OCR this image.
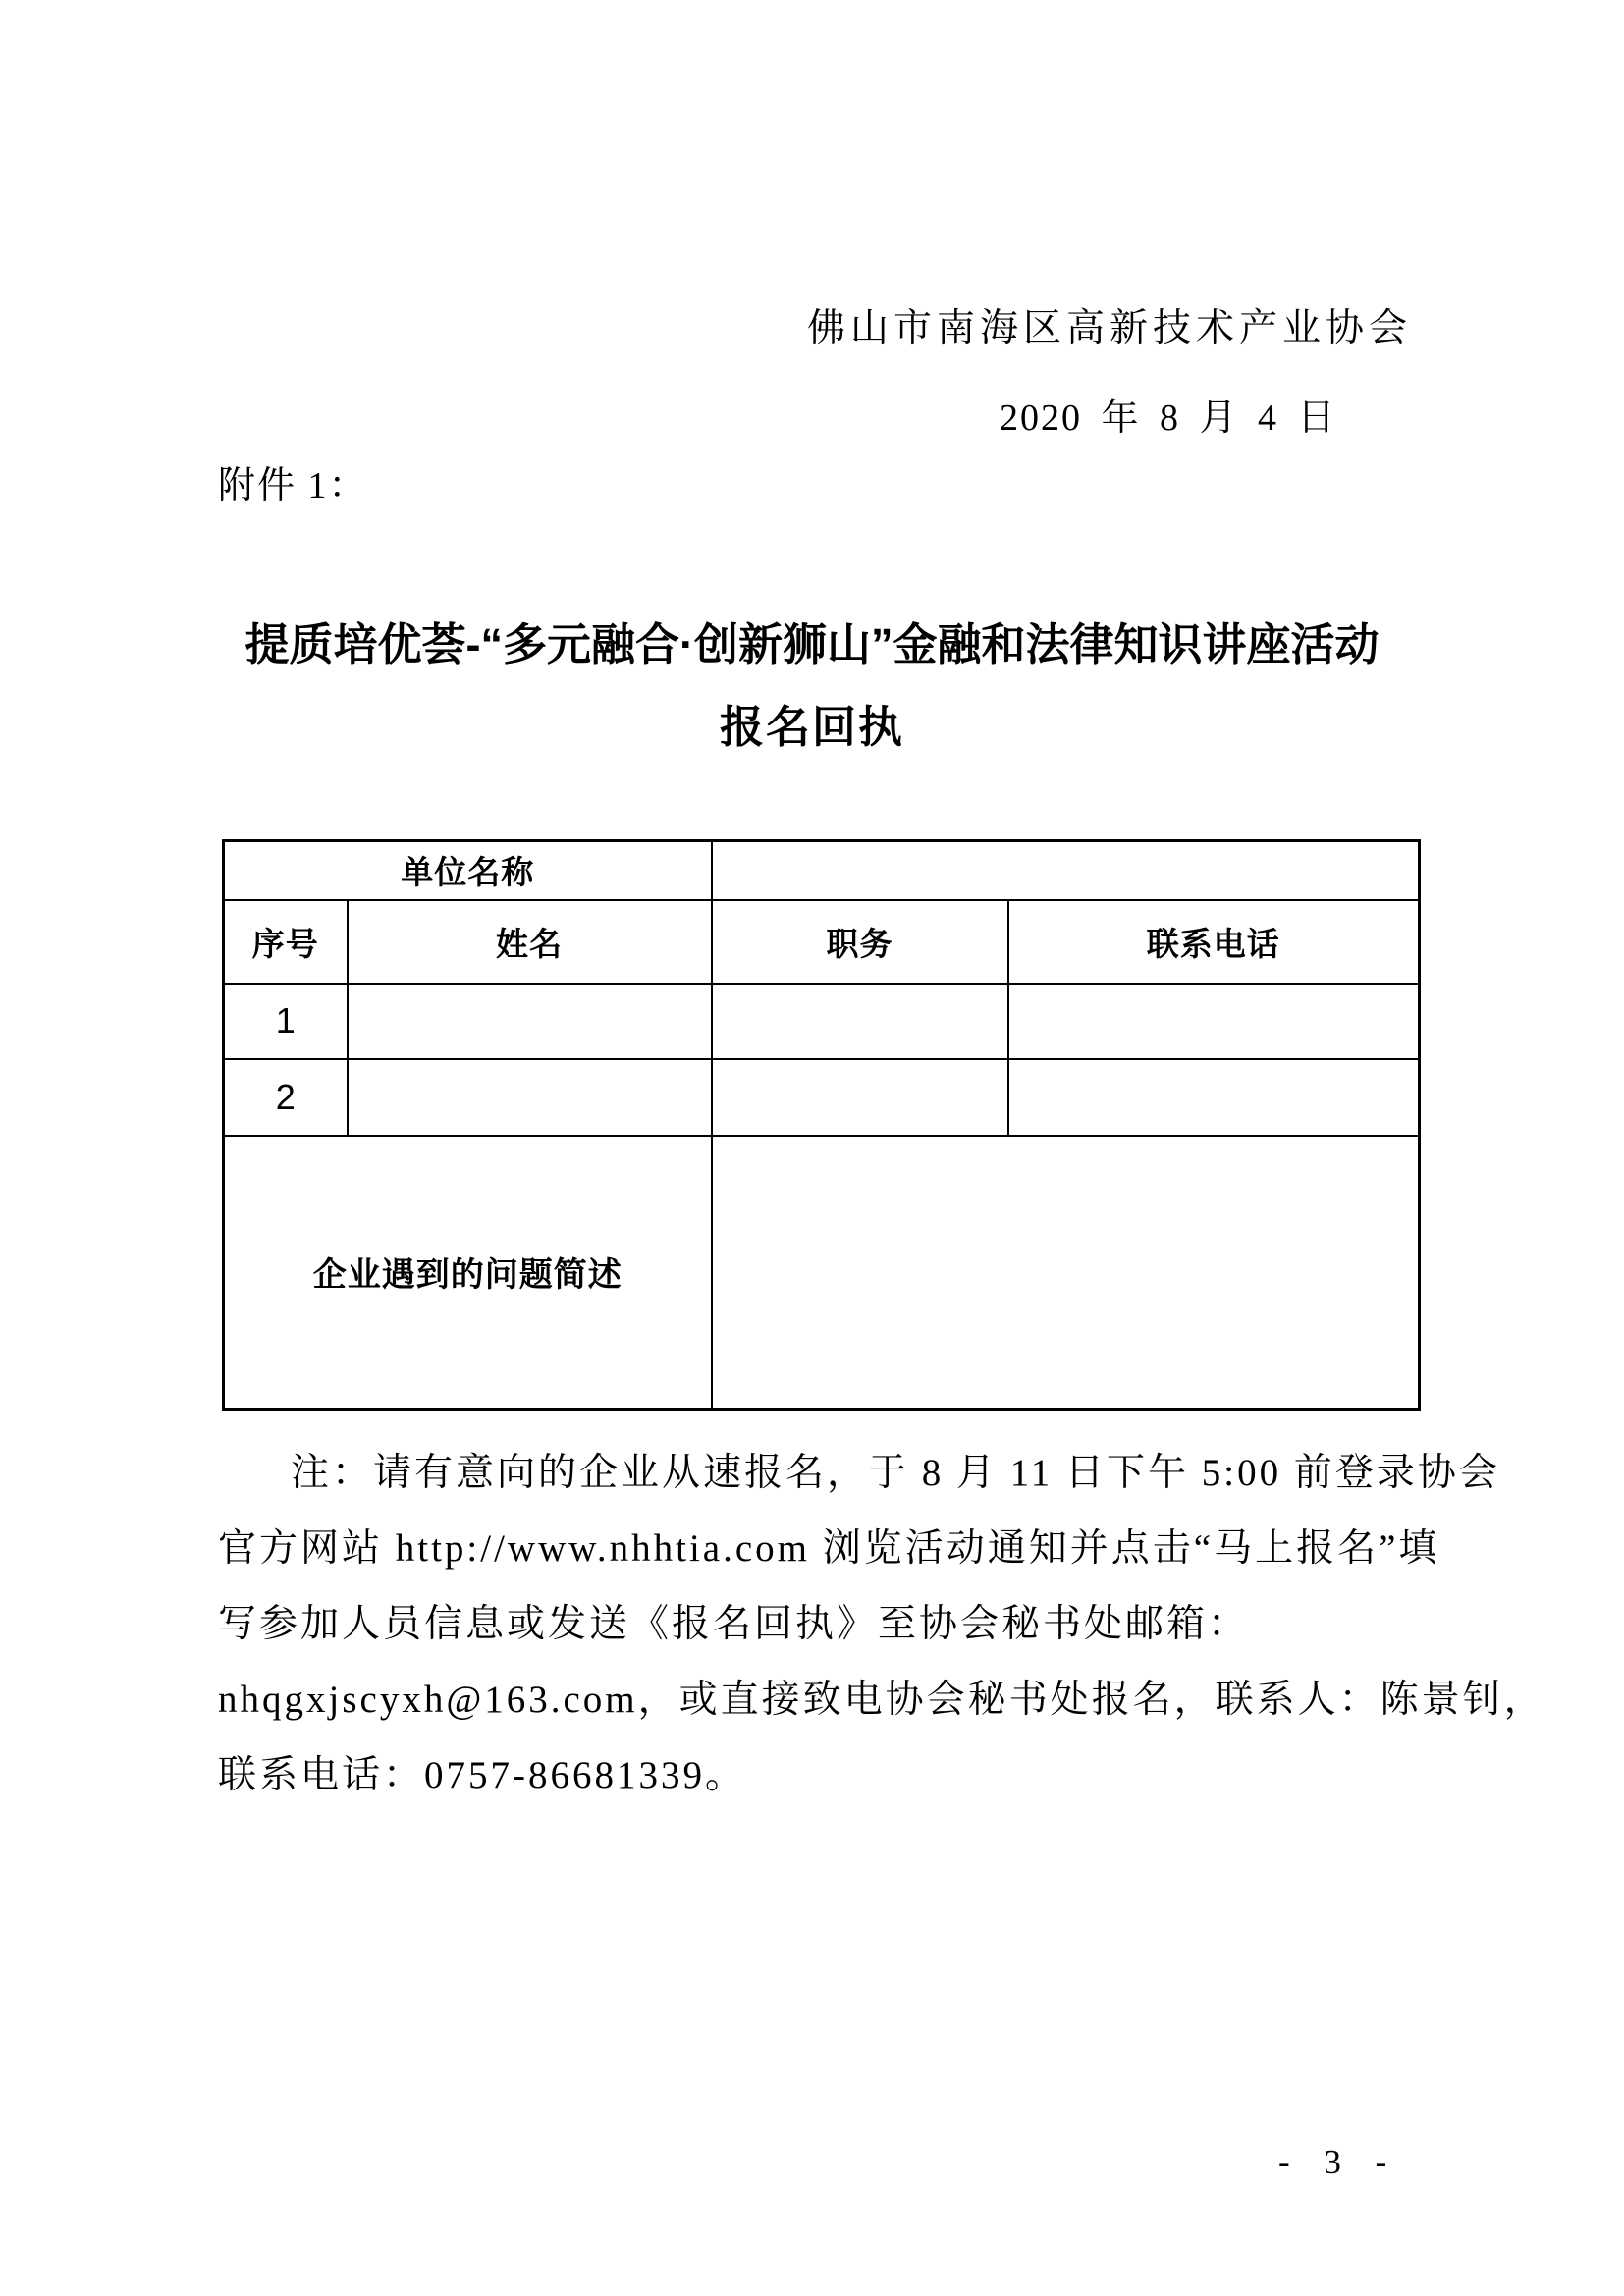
佛山市南海区高新技术产业协会
2020 年 8 月 4 日
附件 1：
提质培优荟-“多元融合·创新狮山”金融和法律知识讲座活动
报名回执
单位名称			
序号	姓名	职务	联系电话
1			
2			
企业遇到的问题简述			
注：请有意向的企业从速报名，于 8 月 11 日下午 5:00 前登录协会
官方网站 http://www.nhhtia.com 浏览活动通知并点击“马上报名”填
写参加人员信息或发送《报名回执》至协会秘书处邮箱：
nhqgxjscyxh@163.com，或直接致电协会秘书处报名，联系人：陈景钊，
联系电话：0757-86681339。
- 3 -
